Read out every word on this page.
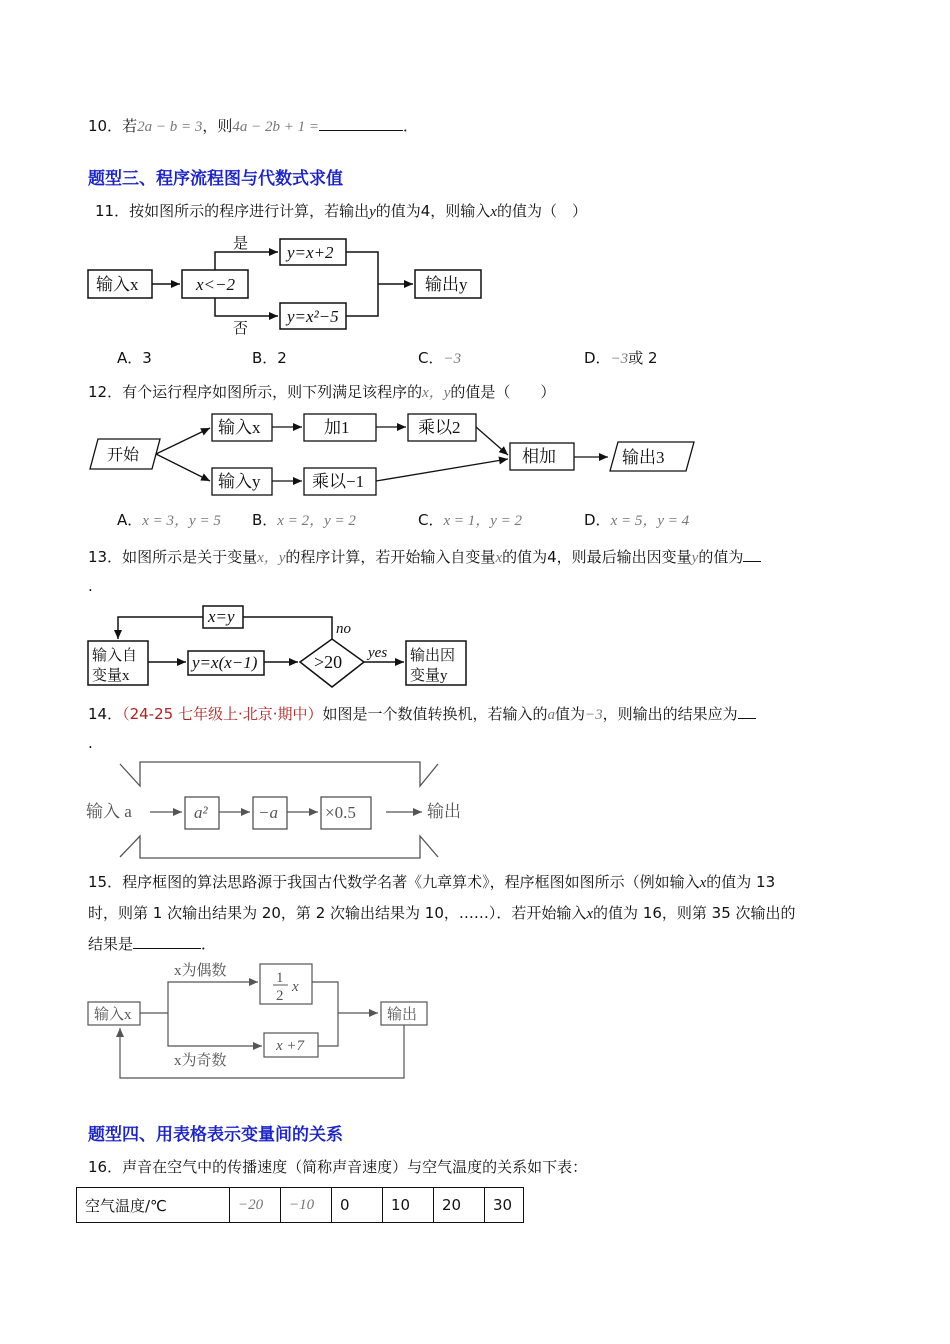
10．若2a − b = 3，则4a − 2b + 1 =	．
题型三、程序流程图与代数式求值
11．按如图所示的程序进行计算，若输出y的值为4，则输入x的值为（　）
输入x	x<−2
是
否
y=x+2
y=x²−5
输出y
开始
输入x	加1	乘以2
输入y	乘以−1
相加	输出3
输入自
变量x
y=x(x−1)	>20
no
yes
x=y
输出因
变量y
输入 a	a²	−a	×0.5	输出
输入x
x为偶数
x为奇数
1
2
x
x +7
输出
A．3	B．2	C．−3	D．−3或 2
12．有个运行程序如图所示，则下列满足该程序的x，y的值是（　　）
A．x = 3，y = 5 B．x = 2，y = 2	C．x = 1，y = 2	D．x = 5，y = 4
13．如图所示是关于变量x，y的程序计算，若开始输入自变量x的值为4，则最后输出因变量y的值为
.
14．（24-25 七年级上·北京·期中）如图是一个数值转换机，若输入的a值为−3，则输出的结果应为
.
15．程序框图的算法思路源于我国古代数学名著《九章算术》，程序框图如图所示（例如输入x的值为 13
时，则第 1 次输出结果为 20，第 2 次输出结果为 10，……）．若开始输入x的值为 16，则第 35 次输出的
结果是	．
题型四、用表格表示变量间的关系
16．声音在空气中的传播速度（简称声音速度）与空气温度的关系如下表：
空气温度/℃	−20	−10	0	10	20	30
